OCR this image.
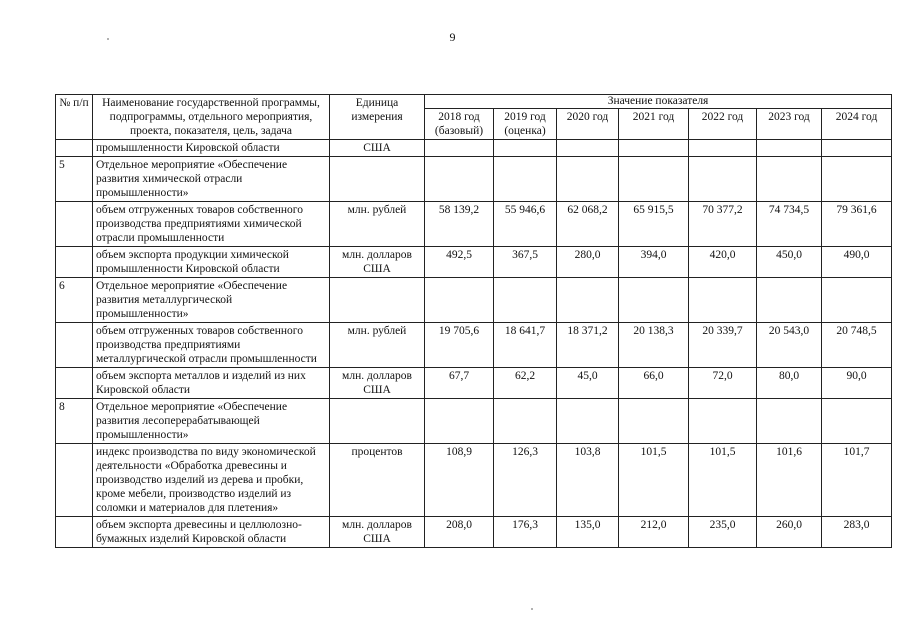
9
№ п/п	Наименование государственной программы, подпрограммы, отдельного мероприятия, проекта, показателя, цель, задача	Единица измерения	Значение показателя						
			2018 год (базовый)	2019 год (оценка)	2020 год	2021 год	2022 год	2023 год	2024 год
	промышленности Кировской области	США							
5	Отдельное мероприятие «Обеспечение развития химической отрасли промышленности»								
	объем отгруженных товаров собственного производства предприятиями химической отрасли промышленности	млн. рублей	58 139,2	55 946,6	62 068,2	65 915,5	70 377,2	74 734,5	79 361,6
	объем экспорта продукции химической промышленности Кировской области	млн. долларов США	492,5	367,5	280,0	394,0	420,0	450,0	490,0
6	Отдельное мероприятие «Обеспечение развития металлургической промышленности»								
	объем отгруженных товаров собственного производства предприятиями металлургической отрасли промышленности	млн. рублей	19 705,6	18 641,7	18 371,2	20 138,3	20 339,7	20 543,0	20 748,5
	объем экспорта металлов и изделий из них Кировской области	млн. долларов США	67,7	62,2	45,0	66,0	72,0	80,0	90,0
8	Отдельное мероприятие «Обеспечение развития лесоперерабатывающей промышленности»								
	индекс производства по виду экономической деятельности «Обработка древесины и производство изделий из дерева и пробки, кроме мебели, производство изделий из соломки и материалов для плетения»	процентов	108,9	126,3	103,8	101,5	101,5	101,6	101,7
	объем экспорта древесины и целлюлозно-бумажных изделий Кировской области	млн. долларов США	208,0	176,3	135,0	212,0	235,0	260,0	283,0
